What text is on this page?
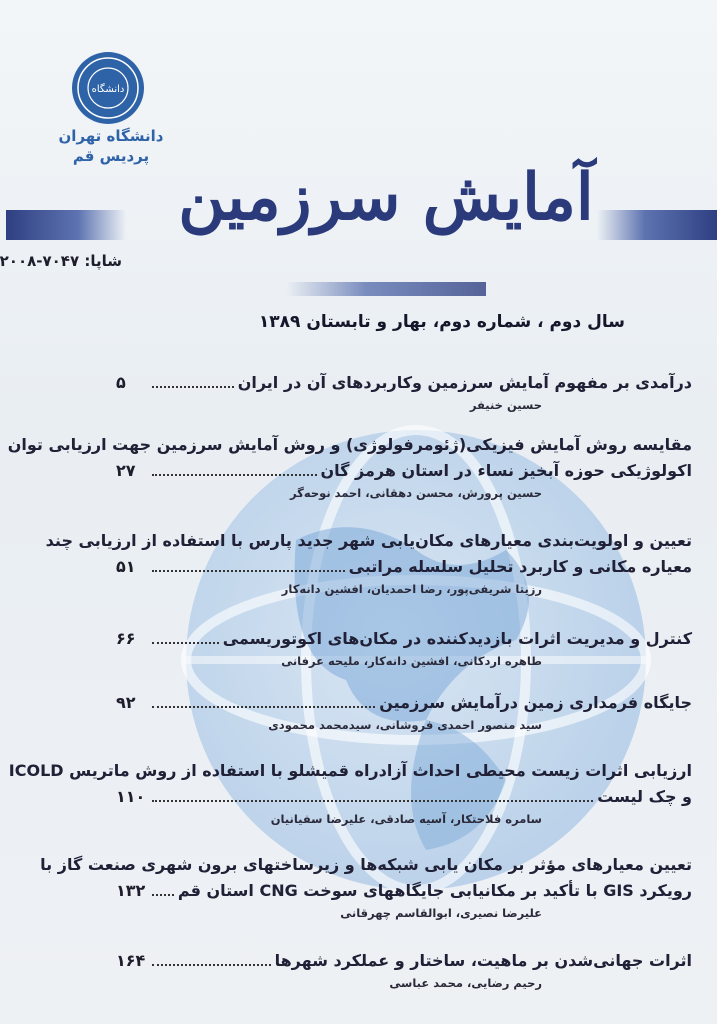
دانشگاه
دانشگاه تهران
پردیس قم
آمایش سرزمین
شاپا: ۷۰۴۷-۲۰۰۸
سال دوم ، شماره دوم، بهار و تابستان ۱۳۸۹
درآمدی بر مفهوم آمایش سرزمین وکاربردهای آن در ایران
۵
حسین خنیفر
مقایسه روش آمایش فیزیکی(ژئومرفولوژی) و روش آمایش سرزمین جهت ارزیابی توان
اکولوژیکی حوزه آبخیز نساء در استان هرمز گان
۲۷
حسین پرورش، محسن دهقانی، احمد نوحه‌گر
تعیین و اولویت‌بندی معیارهای مکان‌یابی شهر جدید پارس با استفاده از ارزیابی چند
معیاره مکانی و کاربرد تحلیل سلسله مراتبی
۵۱
رزیتا شریفی‌پور، رضا احمدیان، افشین دانه‌کار
کنترل و مدیریت اثرات بازدیدکننده در مکان‌های اکوتوریسمی
۶۶
طاهره اردکانی، افشین دانه‌کار، ملیحه عرفانی
جایگاه فرمداری زمین درآمایش سرزمین
۹۲
سید منصور احمدی فروشانی، سیدمحمد محمودی
ارزیابی اثرات زیست محیطی احداث آزادراه قمیشلو با استفاده از روش ماتریس ICOLD
و چک لیست
۱۱۰
سامره فلاحتکار، آسیه صادقی، علیرضا سفیانیان
تعیین معیارهای مؤثر بر مکان یابی شبکه‌ها و زیرساختهای برون شهری صنعت گاز با
رویکرد GIS با تأکید بر مکانیابی جایگاههای سوخت CNG استان قم
۱۳۲
علیرضا نصیری، ابوالقاسم چهرقانی
اثرات جهانی‌شدن بر ماهیت، ساختار و عملکرد شهرها
۱۶۴
رحیم رضایی، محمد عباسی
